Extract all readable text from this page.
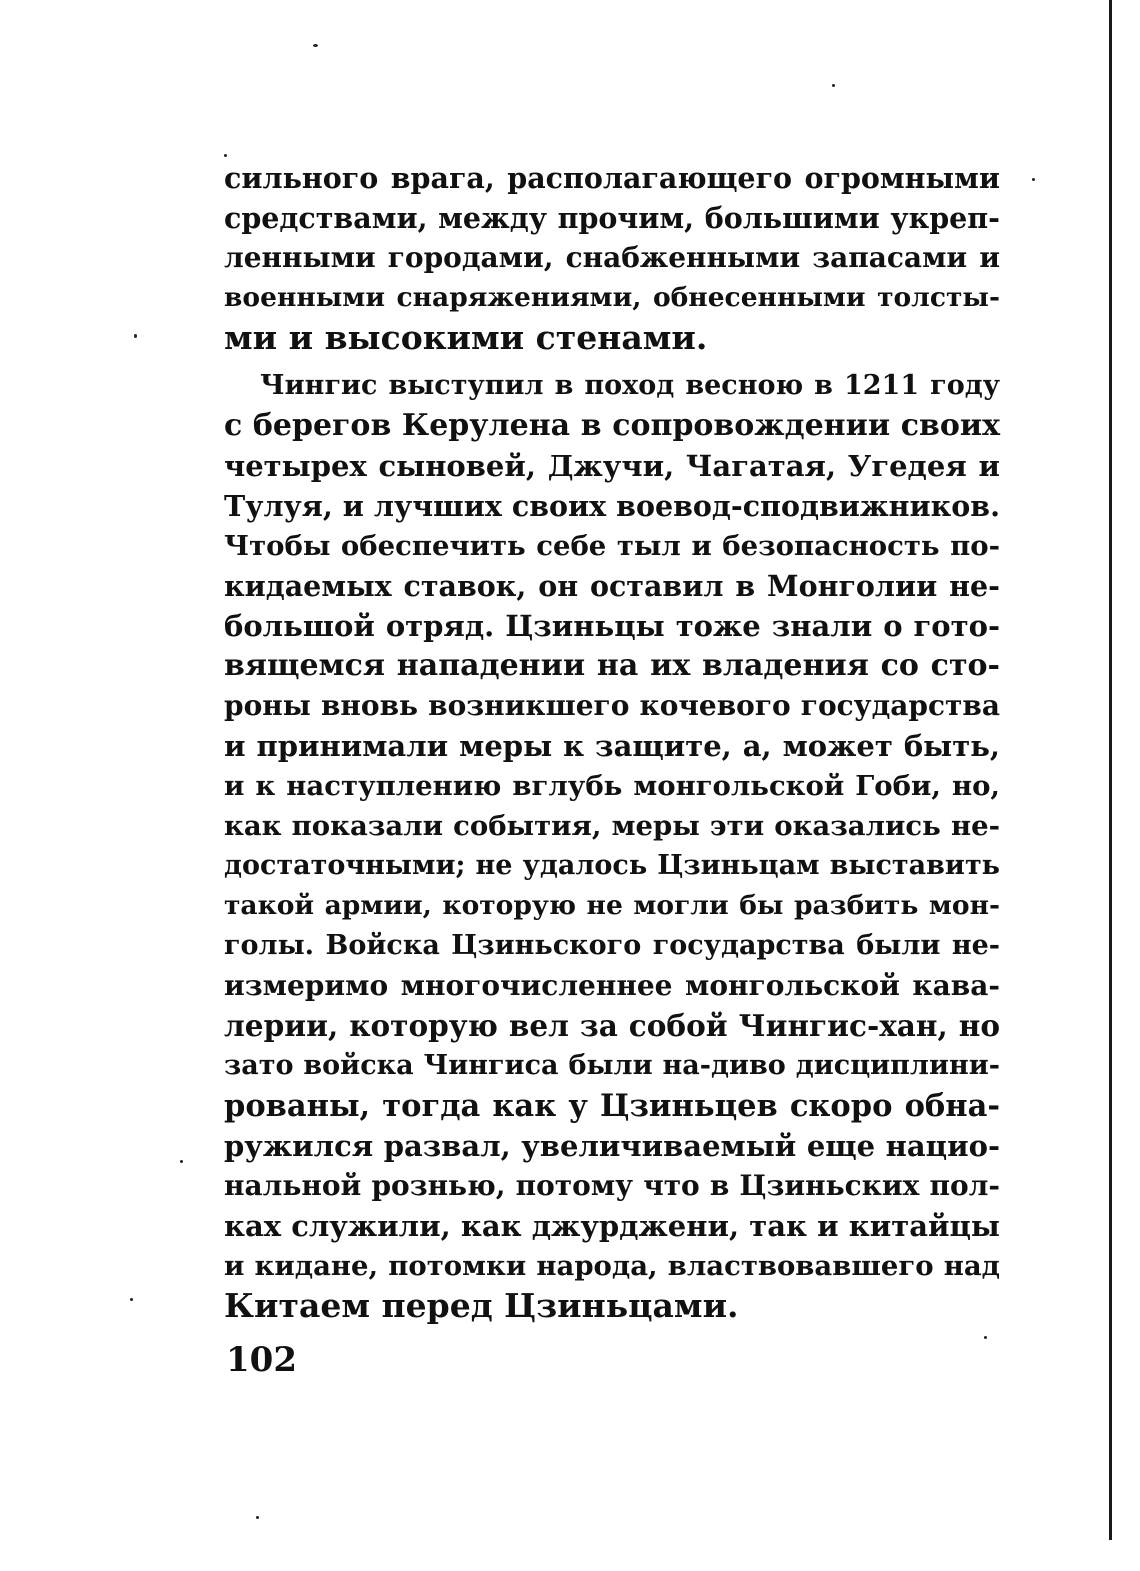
сильного врага, располагающего огромными
средствами, между прочим, большими укреп-
ленными городами, снабженными запасами и
военными снаряжениями, обнесенными толсты-
ми и высокими стенами.
Чингис выступил в поход весною в 1211 году
с берегов Керулена в сопровождении своих
четырех сыновей, Джучи, Чагатая, Угедея и
Тулуя, и лучших своих воевод-сподвижников.
Чтобы обеспечить себе тыл и безопасность по-
кидаемых ставок, он оставил в Монголии не-
большой отряд. Цзиньцы тоже знали о гото-
вящемся нападении на их владения со сто-
роны вновь возникшего кочевого государства
и принимали меры к защите, а, может быть,
и к наступлению вглубь монгольской Гоби, но,
как показали события, меры эти оказались не-
достаточными; не удалось Цзиньцам выставить
такой армии, которую не могли бы разбить мон-
голы. Войска Цзиньского государства были не-
измеримо многочисленнее монгольской кава-
лерии, которую вел за собой Чингис-хан, но
зато войска Чингиса были на-диво дисциплини-
рованы, тогда как у Цзиньцев скоро обна-
ружился развал, увеличиваемый еще нацио-
нальной рознью, потому что в Цзиньских пол-
ках служили, как джурджени, так и китайцы
и кидане, потомки народа, властвовавшего над
Китаем перед Цзиньцами.
102
